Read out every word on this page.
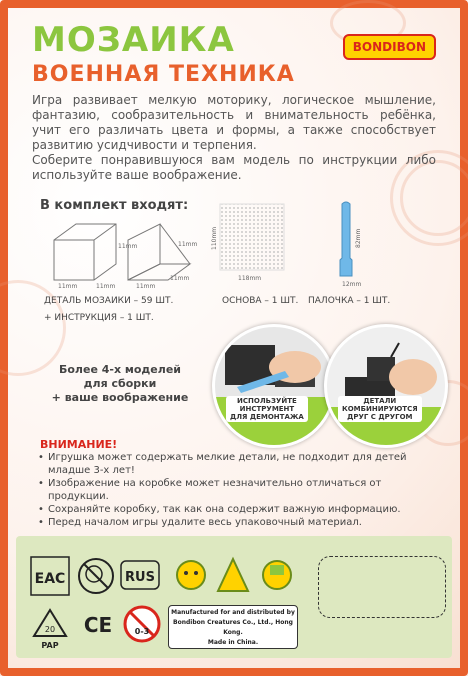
МОЗАИКА
ВОЕННАЯ ТЕХНИКА
BONDIBON
Игра развивает мелкую моторику, логическое мышление, фантазию, сообразительность и внимательность ребёнка, учит его различать цвета и формы, а также способствует развитию усидчивости и терпения.
Соберите понравившуюся вам модель по инструкции либо используйте ваше воображение.
В комплект входят:
11mm	11mm
11mm
11mm
11mm
11mm
118mm
110mm
12mm
82mm
ДЕТАЛЬ МОЗАИКИ – 59 ШТ.
+ ИНСТРУКЦИЯ – 1 ШТ.
ОСНОВА – 1 ШТ. ПАЛОЧКА – 1 ШТ.
Более 4-х моделей
для сборки
+ ваше воображение	ИСПОЛЬЗУЙТЕ
ИНСТРУМЕНТ
ДЛЯ ДЕМОНТАЖА
ДЕТАЛИ
КОМБИНИРУЮТСЯ
ДРУГ С ДРУГОМ
ВНИМАНИЕ!
• Игрушка может содержать мелкие детали, не подходит для детей младше 3-х лет!
• Изображение на коробке может незначительно отличаться от продукции.
• Сохраняйте коробку, так как она содержит важную информацию.
• Перед началом игры удалите весь упаковочный материал.
EAC	RUS
20
PAP
CE	0-3
Manufactured for and distributed by
Bondibon Creatures Co., Ltd., Hong Kong.
Made in China.
